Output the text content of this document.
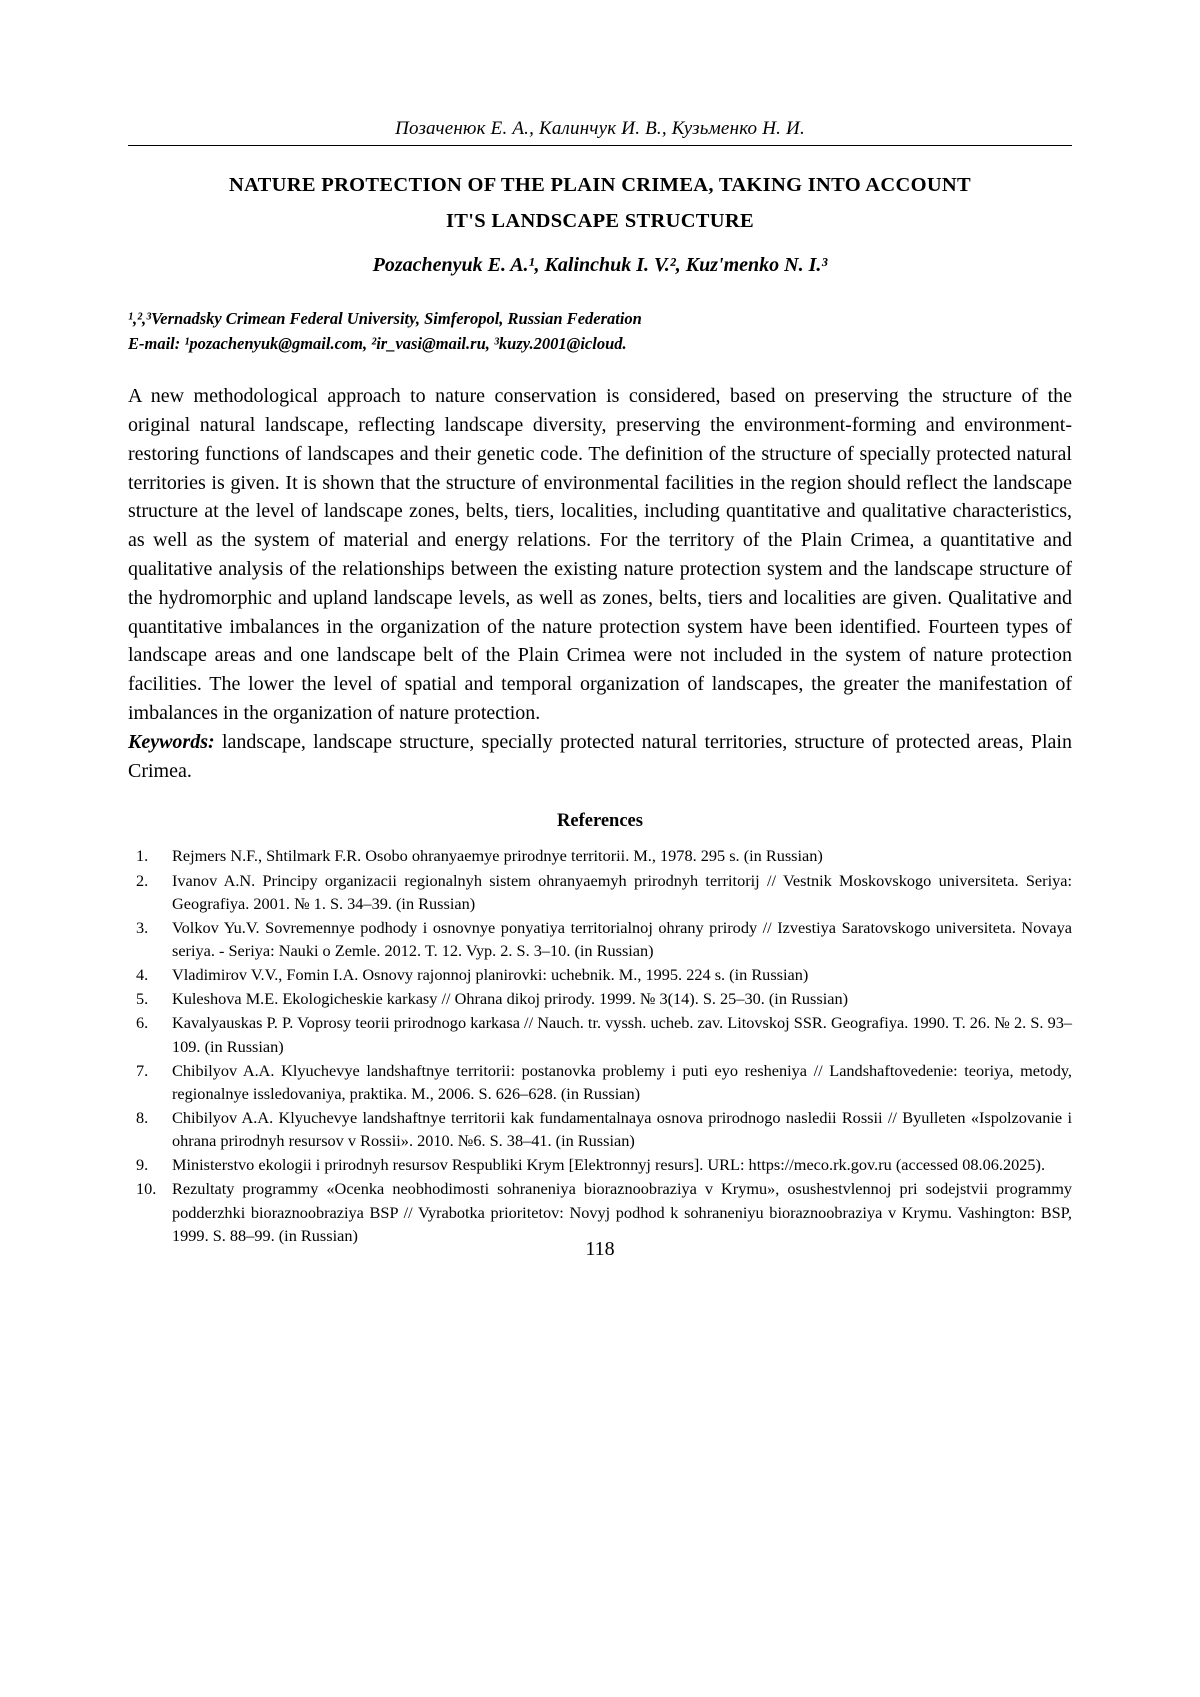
Позаченюк Е. А., Калинчук И. В., Кузьменко Н. И.
NATURE PROTECTION OF THE PLAIN CRIMEA, TAKING INTO ACCOUNT
IT'S LANDSCAPE STRUCTURE
Pozachenyuk E. A.¹, Kalinchuk I. V.², Kuz'menko N. I.³
¹,²,³Vernadsky Crimean Federal University, Simferopol, Russian Federation
E-mail: ¹pozachenyuk@gmail.com, ²ir_vasi@mail.ru, ³kuzy.2001@icloud.
A new methodological approach to nature conservation is considered, based on preserving the structure of the original natural landscape, reflecting landscape diversity, preserving the environment-forming and environment-restoring functions of landscapes and their genetic code. The definition of the structure of specially protected natural territories is given. It is shown that the structure of environmental facilities in the region should reflect the landscape structure at the level of landscape zones, belts, tiers, localities, including quantitative and qualitative characteristics, as well as the system of material and energy relations. For the territory of the Plain Crimea, a quantitative and qualitative analysis of the relationships between the existing nature protection system and the landscape structure of the hydromorphic and upland landscape levels, as well as zones, belts, tiers and localities are given. Qualitative and quantitative imbalances in the organization of the nature protection system have been identified. Fourteen types of landscape areas and one landscape belt of the Plain Crimea were not included in the system of nature protection facilities. The lower the level of spatial and temporal organization of landscapes, the greater the manifestation of imbalances in the organization of nature protection.
Keywords: landscape, landscape structure, specially protected natural territories, structure of protected areas, Plain Crimea.
References
1.	Rejmers N.F., Shtilmark F.R. Osobo ohranyaemye prirodnye territorii. M., 1978. 295 s. (in Russian)
2.	Ivanov A.N. Principy organizacii regionalnyh sistem ohranyaemyh prirodnyh territorij // Vestnik Moskovskogo universiteta. Seriya: Geografiya. 2001. № 1. S. 34–39. (in Russian)
3.	Volkov Yu.V. Sovremennye podhody i osnovnye ponyatiya territorialnoj ohrany prirody // Izvestiya Saratovskogo universiteta. Novaya seriya. - Seriya: Nauki o Zemle. 2012. T. 12. Vyp. 2. S. 3–10. (in Russian)
4.	Vladimirov V.V., Fomin I.A. Osnovy rajonnoj planirovki: uchebnik. M., 1995. 224 s. (in Russian)
5.	Kuleshova M.E. Ekologicheskie karkasy // Ohrana dikoj prirody. 1999. № 3(14). S. 25–30. (in Russian)
6.	Kavalyauskas P. P. Voprosy teorii prirodnogo karkasa // Nauch. tr. vyssh. ucheb. zav. Litovskoj SSR. Geografiya. 1990. T. 26. № 2. S. 93–109. (in Russian)
7.	Chibilyov A.A. Klyuchevye landshaftnye territorii: postanovka problemy i puti eyo resheniya // Landshaftovedenie: teoriya, metody, regionalnye issledovaniya, praktika. M., 2006. S. 626–628. (in Russian)
8.	Chibilyov A.A. Klyuchevye landshaftnye territorii kak fundamentalnaya osnova prirodnogo nasledii Rossii // Byulleten «Ispolzovanie i ohrana prirodnyh resursov v Rossii». 2010. №6. S. 38–41. (in Russian)
9.	Ministerstvo ekologii i prirodnyh resursov Respubliki Krym [Elektronnyj resurs]. URL: https://meco.rk.gov.ru (accessed 08.06.2025).
10. Rezultaty programmy «Ocenka neobhodimosti sohraneniya bioraznoobraziya v Krymu», osushestvlennoj pri sodejstvii programmy podderzhki bioraznoobraziya BSP // Vyrabotka prioritetov: Novyj podhod k sohraneniyu bioraznoobraziya v Krymu. Vashington: BSP, 1999. S. 88–99. (in Russian)
118
